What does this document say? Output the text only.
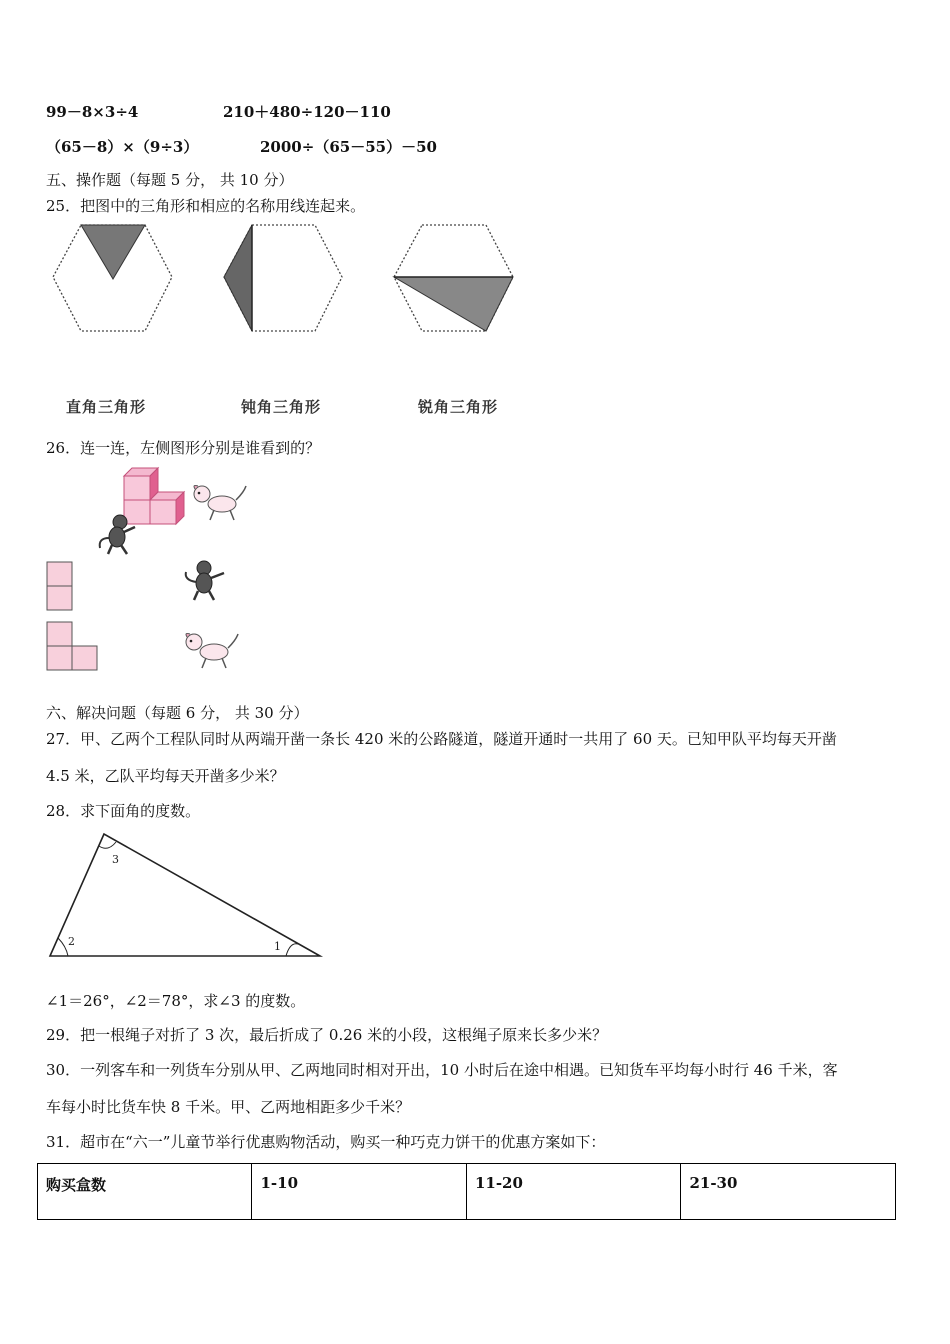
99－8×3÷4	210＋480÷120－110
（65－8）×（9÷3）	2000÷（65－55）－50
五、操作题（每题 5 分， 共 10 分）
25．把图中的三角形和相应的名称用线连起来。
直角三角形	钝角三角形	锐角三角形
26．连一连，左侧图形分别是谁看到的？
六、解决问题（每题 6 分， 共 30 分）
27．甲、乙两个工程队同时从两端开凿一条长 420 米的公路隧道，隧道开通时一共用了 60 天。已知甲队平均每天开凿
4.5 米，乙队平均每天开凿多少米？
28．求下面角的度数。
3
2	1
∠1＝26°，∠2＝78°，求∠3 的度数。
29．把一根绳子对折了 3 次，最后折成了 0.26 米的小段，这根绳子原来长多少米？
30．一列客车和一列货车分别从甲、乙两地同时相对开出，10 小时后在途中相遇。已知货车平均每小时行 46 千米，客
车每小时比货车快 8 千米。甲、乙两地相距多少千米？
31．超市在“六一”儿童节举行优惠购物活动，购买一种巧克力饼干的优惠方案如下：
购买盒数	1-10	11-20	21-30
